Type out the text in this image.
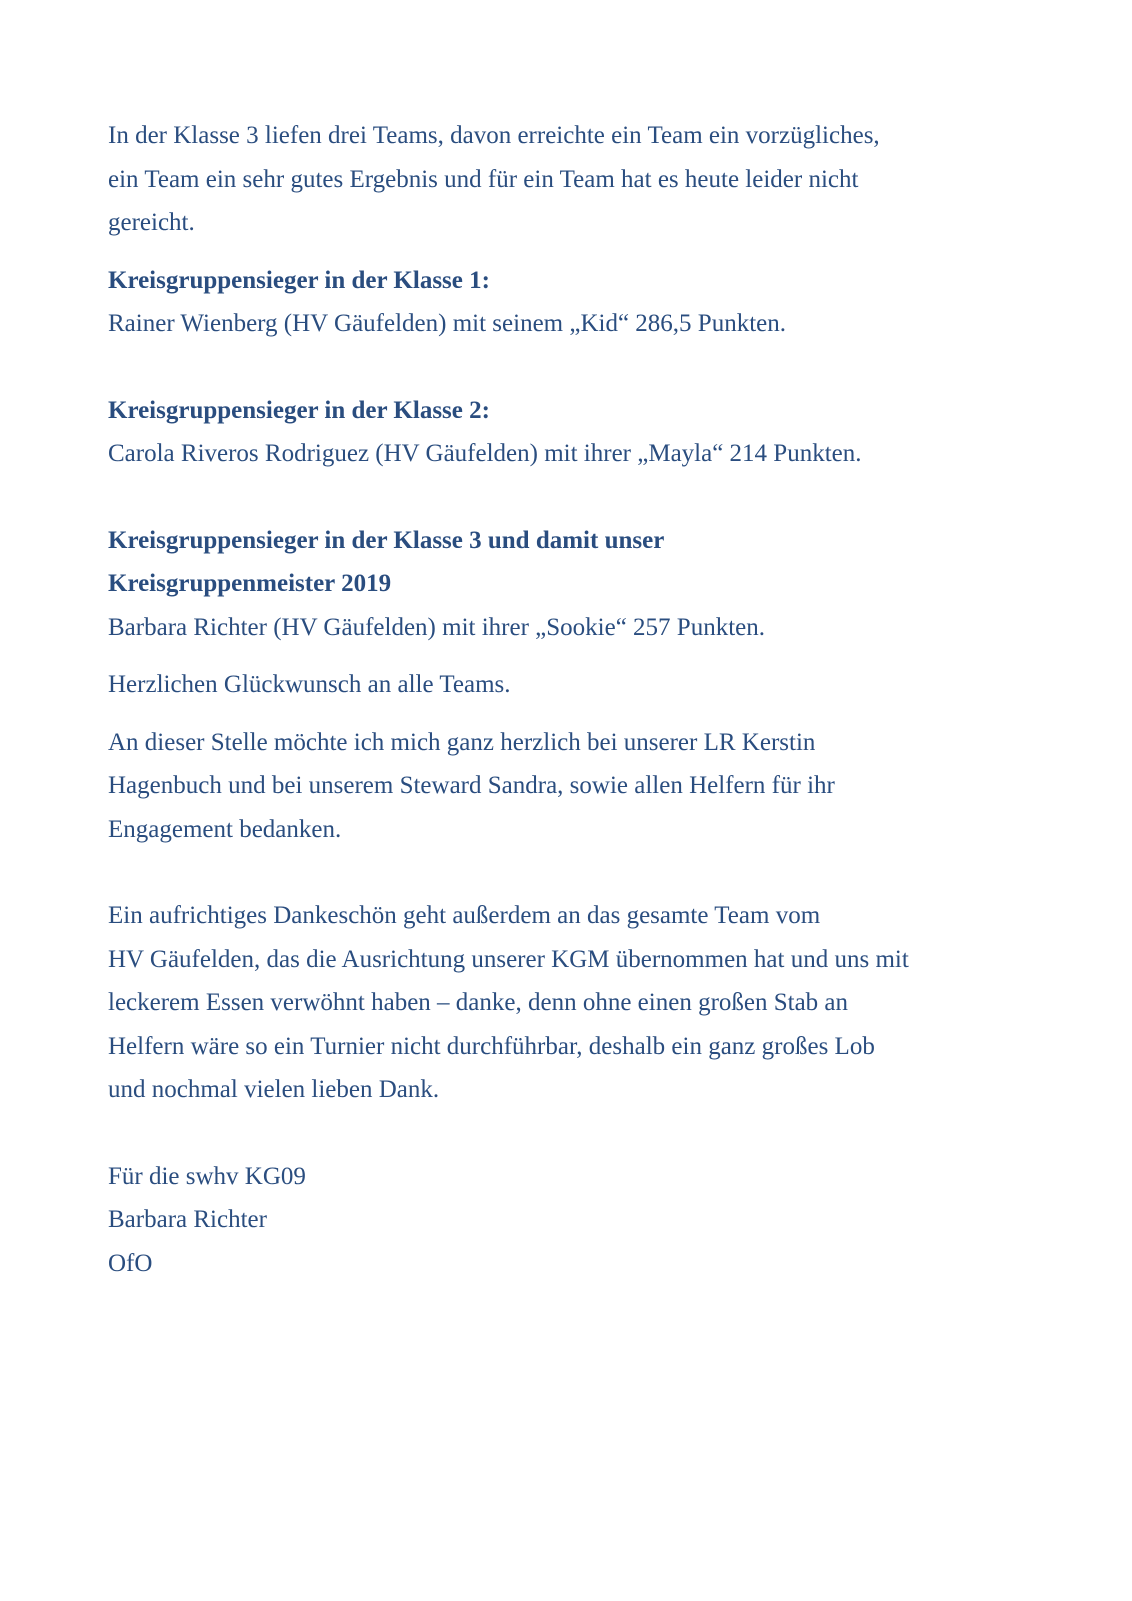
In der Klasse 3 liefen drei Teams, davon erreichte ein Team ein vorzügliches,
ein Team ein sehr gutes Ergebnis und für ein Team hat es heute leider nicht
gereicht.

Kreisgruppensieger in der Klasse 1:
Rainer Wienberg (HV Gäufelden) mit seinem „Kid“ 286,5 Punkten.
Kreisgruppensieger in der Klasse 2:
Carola Riveros Rodriguez (HV Gäufelden) mit ihrer „Mayla“ 214 Punkten.
Kreisgruppensieger in der Klasse 3 und damit unser
Kreisgruppenmeister 2019
Barbara Richter (HV Gäufelden) mit ihrer „Sookie“ 257 Punkten.

Herzlichen Glückwunsch an alle Teams.

An dieser Stelle möchte ich mich ganz herzlich bei unserer LR Kerstin
Hagenbuch und bei unserem Steward Sandra, sowie allen Helfern für ihr
Engagement bedanken.

Ein aufrichtiges Dankeschön geht außerdem an das gesamte Team vom
HV Gäufelden, das die Ausrichtung unserer KGM übernommen hat und uns mit
leckerem Essen verwöhnt haben – danke, denn ohne einen großen Stab an
Helfern wäre so ein Turnier nicht durchführbar, deshalb ein ganz großes Lob
und nochmal vielen lieben Dank.

Für die swhv KG09
Barbara Richter
OfO
